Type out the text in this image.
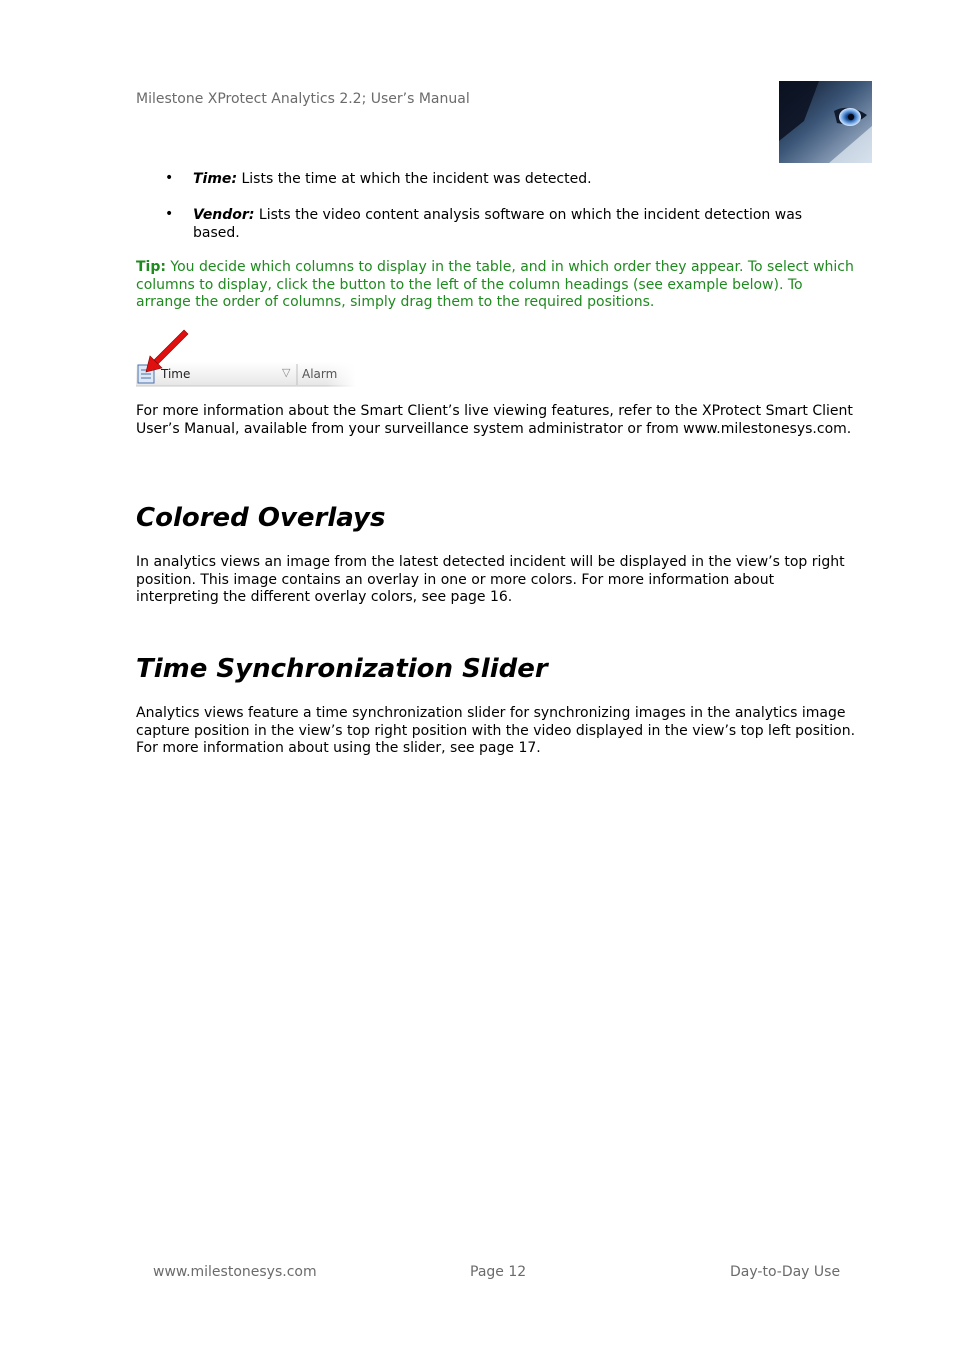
Milestone XProtect Analytics 2.2; User’s Manual
• Time: Lists the time at which the incident was detected.
• Vendor: Lists the video content analysis software on which the incident detection was based.
Tip: You decide which columns to display in the table, and in which order they appear. To select which columns to display, click the button to the left of the column headings (see example below). To arrange the order of columns, simply drag them to the required positions.
Time	▽ Alarm
For more information about the Smart Client’s live viewing features, refer to the XProtect Smart Client User’s Manual, available from your surveillance system administrator or from www.milestonesys.com.
Colored Overlays
In analytics views an image from the latest detected incident will be displayed in the view’s top right position. This image contains an overlay in one or more colors. For more information about interpreting the different overlay colors, see page 16.
Time Synchronization Slider
Analytics views feature a time synchronization slider for synchronizing images in the analytics image capture position in the view’s top right position with the video displayed in the view’s top left position. For more information about using the slider, see page 17.
www.milestonesys.com	Page 12	Day-to-Day Use
